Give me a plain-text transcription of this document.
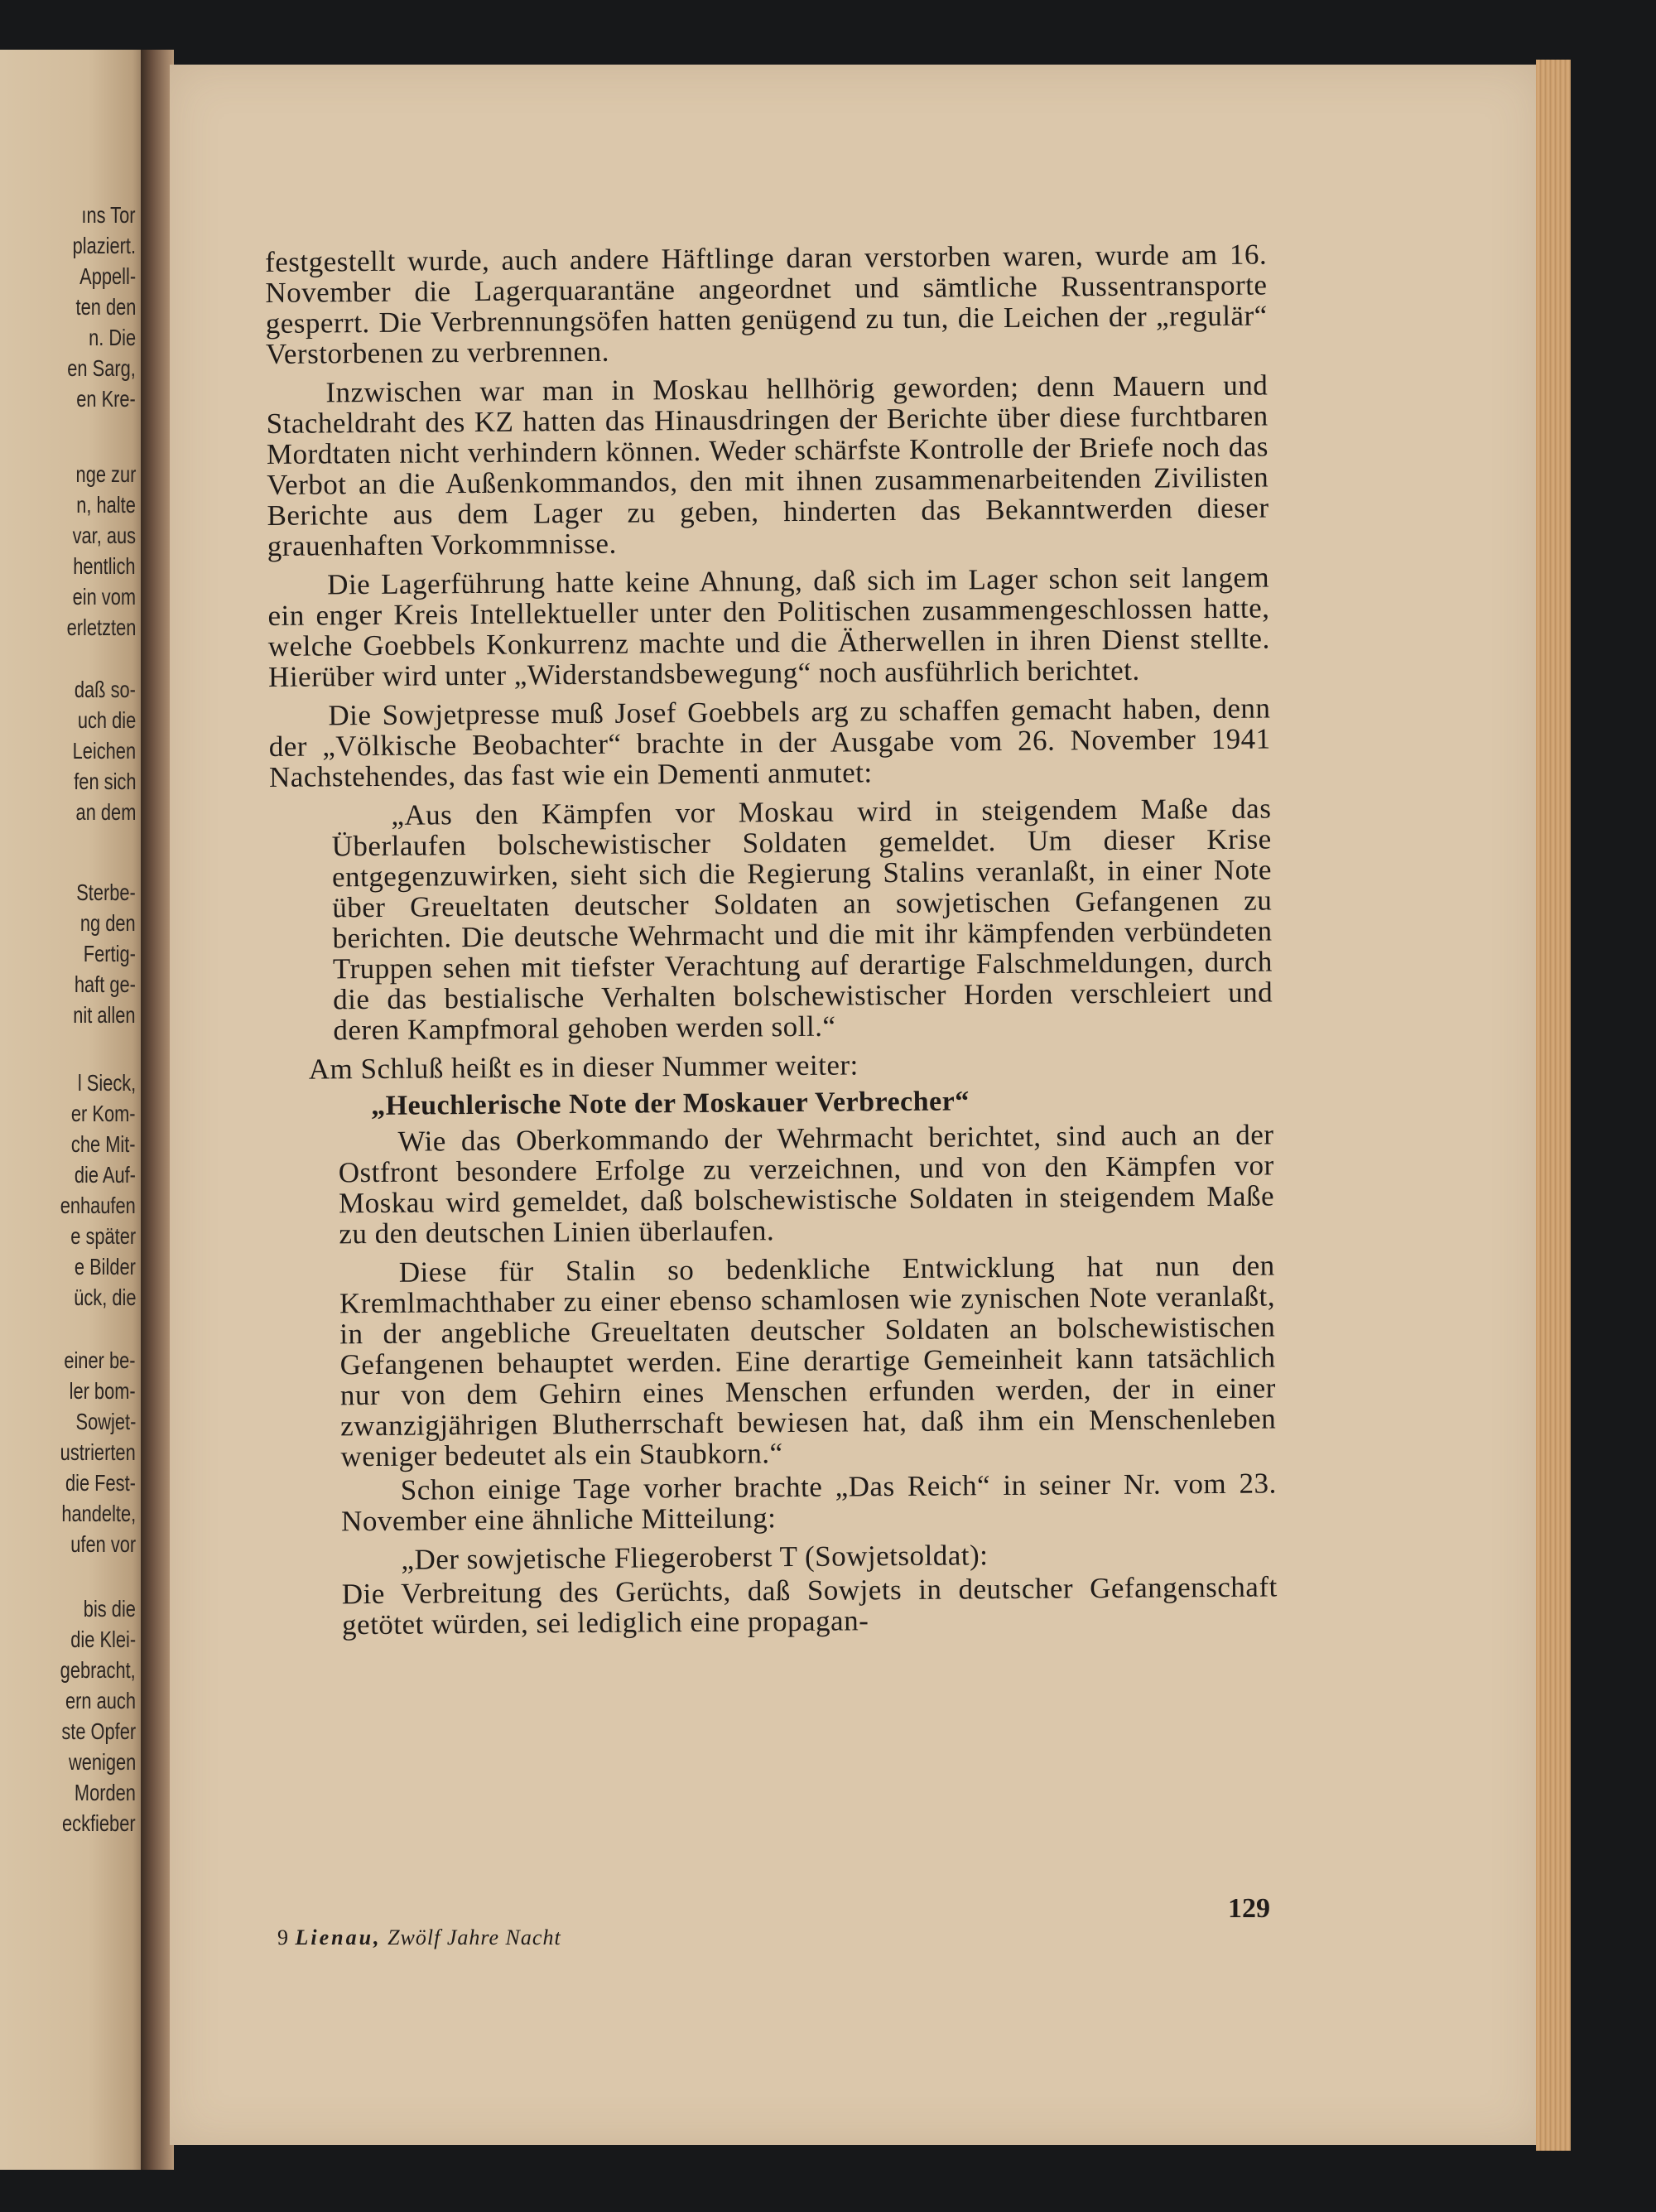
ıns Tor
plaziert.
Appell-
ten den
n. Die
en Sarg,
en Kre-
nge zur
n, halte
var, aus
hentlich
ein vom
erletzten
daß so-
uch die
Leichen
fen sich
an dem
Sterbe-
ng den
Fertig-
haft ge-
nit allen
l Sieck,
er Kom-
che Mit-
die Auf-
enhaufen
e später
e Bilder
ück, die
einer be-
ler bom-
Sowjet-
ustrierten
die Fest-
handelte,
ufen vor
bis die
die Klei-
gebracht,
ern auch
ste Opfer
wenigen
Morden
eckfieber

festgestellt wurde, auch andere Häftlinge daran verstorben waren, wurde am 16. November die Lagerquarantäne angeordnet und sämtliche Russentransporte gesperrt. Die Verbrennungsöfen hatten genügend zu tun, die Leichen der „regulär“ Verstorbenen zu verbrennen.

Inzwischen war man in Moskau hellhörig geworden; denn Mauern und Stacheldraht des KZ hatten das Hinausdringen der Berichte über diese furchtbaren Mordtaten nicht verhindern können. Weder schärfste Kontrolle der Briefe noch das Verbot an die Außenkommandos, den mit ihnen zusammenarbeitenden Zivilisten Berichte aus dem Lager zu geben, hinderten das Bekanntwerden dieser grauenhaften Vorkommnisse.

Die Lagerführung hatte keine Ahnung, daß sich im Lager schon seit langem ein enger Kreis Intellektueller unter den Politischen zusammengeschlossen hatte, welche Goebbels Konkurrenz machte und die Ätherwellen in ihren Dienst stellte. Hierüber wird unter „Widerstandsbewegung“ noch ausführlich berichtet.

Die Sowjetpresse muß Josef Goebbels arg zu schaffen gemacht haben, denn der „Völkische Beobachter“ brachte in der Ausgabe vom 26. November 1941 Nachstehendes, das fast wie ein Dementi anmutet:

„Aus den Kämpfen vor Moskau wird in steigendem Maße das Überlaufen bolschewistischer Soldaten gemeldet. Um dieser Krise entgegenzuwirken, sieht sich die Regierung Stalins veranlaßt, in einer Note über Greueltaten deutscher Soldaten an sowjetischen Gefangenen zu berichten. Die deutsche Wehrmacht und die mit ihr kämpfenden verbündeten Truppen sehen mit tiefster Verachtung auf derartige Falschmeldungen, durch die das bestialische Verhalten bolschewistischer Horden verschleiert und deren Kampfmoral gehoben werden soll.“

Am Schluß heißt es in dieser Nummer weiter:

„Heuchlerische Note der Moskauer Verbrecher“

Wie das Oberkommando der Wehrmacht berichtet, sind auch an der Ostfront besondere Erfolge zu verzeichnen, und von den Kämpfen vor Moskau wird gemeldet, daß bolschewistische Soldaten in steigendem Maße zu den deutschen Linien überlaufen.

Diese für Stalin so bedenkliche Entwicklung hat nun den Kremlmachthaber zu einer ebenso schamlosen wie zynischen Note veranlaßt, in der angebliche Greueltaten deutscher Soldaten an bolschewistischen Gefangenen behauptet werden. Eine derartige Gemeinheit kann tatsächlich nur von dem Gehirn eines Menschen erfunden werden, der in einer zwanzigjährigen Blutherrschaft bewiesen hat, daß ihm ein Menschenleben weniger bedeutet als ein Staubkorn.“

Schon einige Tage vorher brachte „Das Reich“ in seiner Nr. vom 23. November eine ähnliche Mitteilung:

„Der sowjetische Fliegeroberst T (Sowjetsoldat):

Die Verbreitung des Gerüchts, daß Sowjets in deutscher Gefangenschaft getötet würden, sei lediglich eine propagan-

129
9 Lienau, Zwölf Jahre Nacht
